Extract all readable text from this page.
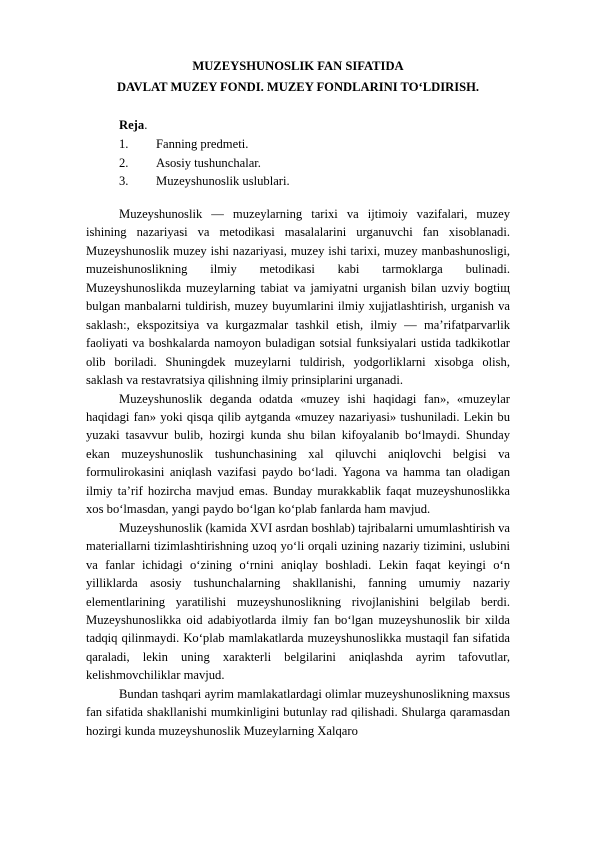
MUZEYSHUNOSLIK FAN SIFATIDA
DAVLAT MUZEY FONDI. MUZEY FONDLARINI TO‘LDIRISH.

Reja.

1. Fanning predmeti.
2. Asosiy tushunchalar.
3. Muzeyshunoslik uslublari.

Muzeyshunoslik — muzeylarning tarixi va ijtimoiy vazifalari, muzey ishining nazariyasi va metodikasi masalalarini urganuvchi fan xisoblanadi. Muzeyshunoslik muzey ishi nazariyasi, muzey ishi tarixi, muzey manbashunosligi, muzeishunoslikning ilmiy metodikasi kabi tarmoklarga bulinadi. Muzeyshunoslikda muzeylarning tabiat va jamiyatni urganish bilan uzviy bogtiщ bulgan manbalarni tuldirish, muzey buyumlarini ilmiy xujjatlashtirish, urganish va saklash:, ekspozitsiya va kurgazmalar tashkil etish, ilmiy — ma’rifatparvarlik faoliyati va boshkalarda namoyon buladigan sotsial funksiyalari ustida tadkikotlar olib boriladi. Shuningdek muzeylarni tuldirish, yodgorliklarni xisobga olish, saklash va restavratsiya qilishning ilmiy prinsiplarini urganadi.

Muzeyshunoslik deganda odatda «muzey ishi haqidagi fan», «muzeylar haqidagi fan» yoki qisqa qilib aytganda «muzey nazariyasi» tushuniladi. Lekin bu yuzaki tasavvur bulib, hozirgi kunda shu bilan kifoyalanib bo‘lmaydi. Shunday ekan muzeyshunoslik tushunchasining xal qiluvchi aniqlovchi belgisi va formulirokasini aniqlash vazifasi paydo bo‘ladi. Yagona va hamma tan oladigan ilmiy ta’rif hozircha mavjud emas. Bunday murakkablik faqat muzeyshunoslikka xos bo‘lmasdan, yangi paydo bo‘lgan ko‘plab fanlarda ham mavjud.

Muzeyshunoslik (kamida XVI asrdan boshlab) tajribalarni umumlashtirish va materiallarni tizimlashtirishning uzoq yo‘li orqali uzining nazariy tizimini, uslubini va fanlar ichidagi o‘zining o‘rnini aniqlay boshladi. Lekin faqat keyingi o‘n yilliklarda asosiy tushunchalarning shakllanishi, fanning umumiy nazariy elementlarining yaratilishi muzeyshunoslikning rivojlanishini belgilab berdi. Muzeyshunoslikka oid adabiyotlarda ilmiy fan bo‘lgan muzeyshunoslik bir xilda tadqiq qilinmaydi. Ko‘plab mamlakatlarda muzeyshunoslikka mustaqil fan sifatida qaraladi, lekin uning xarakterli belgilarini aniqlashda ayrim tafovutlar, kelishmovchiliklar mavjud.

Bundan tashqari ayrim mamlakatlardagi olimlar muzeyshunoslikning maxsus fan sifatida shakllanishi mumkinligini butunlay rad qilishadi. Shularga qaramasdan hozirgi kunda muzeyshunoslik Muzeylarning Xalqaro
